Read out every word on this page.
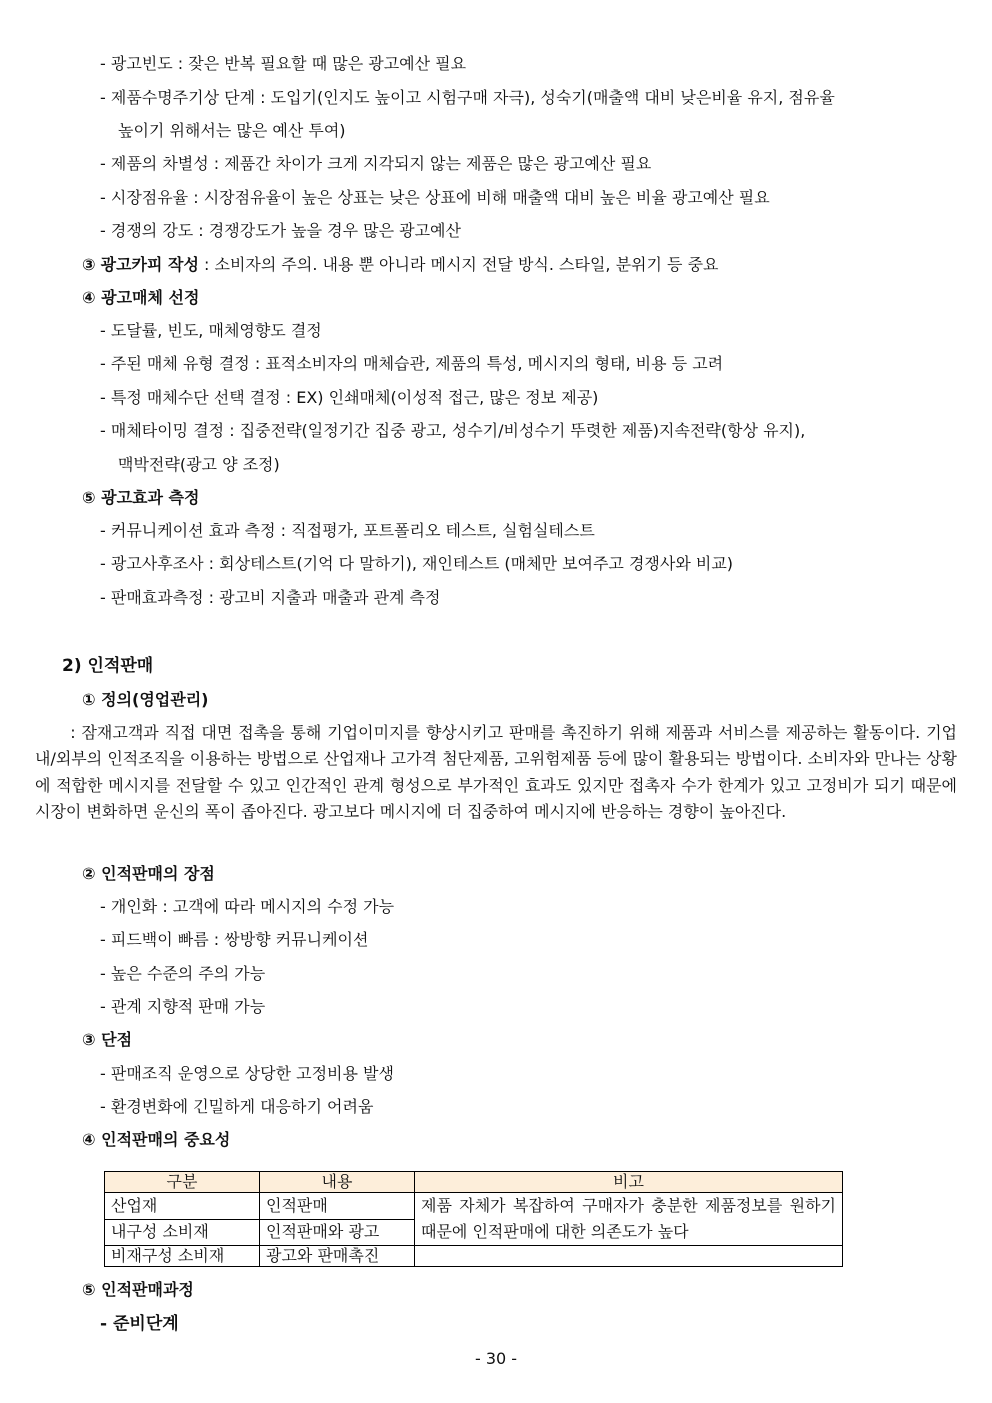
- 광고빈도 : 잦은 반복 필요할 때 많은 광고예산 필요
- 제품수명주기상 단계 : 도입기(인지도 높이고 시험구매 자극), 성숙기(매출액 대비 낮은비율 유지, 점유율
높이기 위해서는 많은 예산 투여)
- 제품의 차별성 : 제품간 차이가 크게 지각되지 않는 제품은 많은 광고예산 필요
- 시장점유율 : 시장점유율이 높은 상표는 낮은 상표에 비해 매출액 대비 높은 비율 광고예산 필요
- 경쟁의 강도 : 경쟁강도가 높을 경우 많은 광고예산
③ 광고카피 작성 : 소비자의 주의. 내용 뿐 아니라 메시지 전달 방식. 스타일, 분위기 등 중요
④ 광고매체 선정
- 도달률, 빈도, 매체영향도 결정
- 주된 매체 유형 결정 : 표적소비자의 매체습관, 제품의 특성, 메시지의 형태, 비용 등 고려
- 특정 매체수단 선택 결정 : EX) 인쇄매체(이성적 접근, 많은 정보 제공)
- 매체타이밍 결정 : 집중전략(일정기간 집중 광고, 성수기/비성수기 뚜렷한 제품)지속전략(항상 유지),
맥박전략(광고 양 조정)
⑤ 광고효과 측정
- 커뮤니케이션 효과 측정 : 직접평가, 포트폴리오 테스트, 실험실테스트
- 광고사후조사 : 회상테스트(기억 다 말하기), 재인테스트 (매체만 보여주고 경쟁사와 비교)
- 판매효과측정 : 광고비 지출과 매출과 관계 측정
2) 인적판매
① 정의(영업관리)
: 잠재고객과 직접 대면 접촉을 통해 기업이미지를 향상시키고 판매를 촉진하기 위해 제품과 서비스를 제공하는 활동이다. 기업 내/외부의 인적조직을 이용하는 방법으로 산업재나 고가격 첨단제품, 고위험제품 등에 많이 활용되는 방법이다. 소비자와 만나는 상황에 적합한 메시지를 전달할 수 있고 인간적인 관계 형성으로 부가적인 효과도 있지만 접촉자 수가 한계가 있고 고정비가 되기 때문에 시장이 변화하면 운신의 폭이 좁아진다. 광고보다 메시지에 더 집중하여 메시지에 반응하는 경향이 높아진다.
② 인적판매의 장점
- 개인화 : 고객에 따라 메시지의 수정 가능
- 피드백이 빠름 : 쌍방향 커뮤니케이션
- 높은 수준의 주의 가능
- 관계 지향적 판매 가능
③ 단점
- 판매조직 운영으로 상당한 고정비용 발생
- 환경변화에 긴밀하게 대응하기 어려움
④ 인적판매의 중요성
구분	내용	비고
산업재	인적판매	제품 자체가 복잡하여 구매자가 충분한 제품정보를 원하기 때문에 인적판매에 대한 의존도가 높다
내구성 소비재	인적판매와 광고	
비재구성 소비재	광고와 판매촉진	
⑤ 인적판매과정
- 준비단계
- 30 -
